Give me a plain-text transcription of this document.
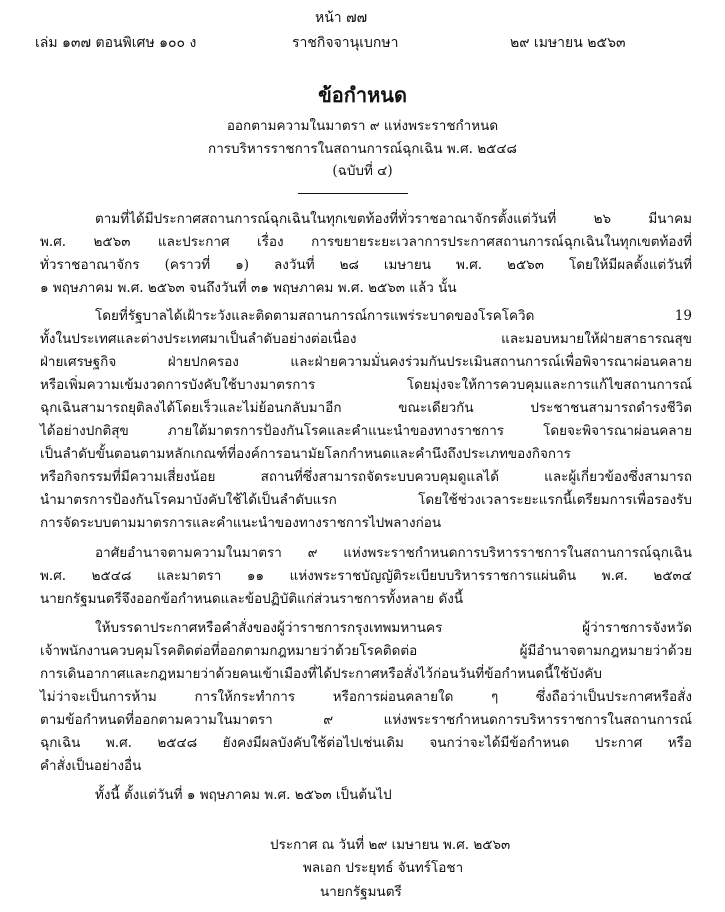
หน้า ๗๗
เล่ม ๑๓๗ ตอนพิเศษ ๑๐๐ ง	ราชกิจจานุเบกษา	๒๙ เมษายน ๒๕๖๓
ข้อกำหนด
ออกตามความในมาตรา ๙ แห่งพระราชกำหนด
การบริหารราชการในสถานการณ์ฉุกเฉิน พ.ศ. ๒๕๔๘
(ฉบับที่ ๔)
ตามที่ได้มีประกาศสถานการณ์ฉุกเฉินในทุกเขตท้องที่ทั่วราชอาณาจักรตั้งแต่วันที่ ๒๖ มีนาคม
พ.ศ. ๒๕๖๓ และประกาศ เรื่อง การขยายระยะเวลาการประกาศสถานการณ์ฉุกเฉินในทุกเขตท้องที่
ทั่วราชอาณาจักร (คราวที่ ๑) ลงวันที่ ๒๘ เมษายน พ.ศ. ๒๕๖๓ โดยให้มีผลตั้งแต่วันที่
๑ พฤษภาคม พ.ศ. ๒๕๖๓ จนถึงวันที่ ๓๑ พฤษภาคม พ.ศ. ๒๕๖๓ แล้ว นั้น
โดยที่รัฐบาลได้เฝ้าระวังและติดตามสถานการณ์การแพร่ระบาดของโรคโควิด 19
ทั้งในประเทศและต่างประเทศมาเป็นลำดับอย่างต่อเนื่อง และมอบหมายให้ฝ่ายสาธารณสุข
ฝ่ายเศรษฐกิจ ฝ่ายปกครอง และฝ่ายความมั่นคงร่วมกันประเมินสถานการณ์เพื่อพิจารณาผ่อนคลาย
หรือเพิ่มความเข้มงวดการบังคับใช้บางมาตรการ โดยมุ่งจะให้การควบคุมและการแก้ไขสถานการณ์
ฉุกเฉินสามารถยุติลงได้โดยเร็วและไม่ย้อนกลับมาอีก ขณะเดียวกัน ประชาชนสามารถดำรงชีวิต
ได้อย่างปกติสุข ภายใต้มาตรการป้องกันโรคและคำแนะนำของทางราชการ โดยจะพิจารณาผ่อนคลาย
เป็นลำดับขั้นตอนตามหลักเกณฑ์ที่องค์การอนามัยโลกกำหนดและคำนึงถึงประเภทของกิจการ
หรือกิจกรรมที่มีความเสี่ยงน้อย สถานที่ซึ่งสามารถจัดระบบควบคุมดูแลได้ และผู้เกี่ยวข้องซึ่งสามารถ
นำมาตรการป้องกันโรคมาบังคับใช้ได้เป็นลำดับแรก โดยใช้ช่วงเวลาระยะแรกนี้เตรียมการเพื่อรองรับ
การจัดระบบตามมาตรการและคำแนะนำของทางราชการไปพลางก่อน
อาศัยอำนาจตามความในมาตรา ๙ แห่งพระราชกำหนดการบริหารราชการในสถานการณ์ฉุกเฉิน
พ.ศ. ๒๕๔๘ และมาตรา ๑๑ แห่งพระราชบัญญัติระเบียบบริหารราชการแผ่นดิน พ.ศ. ๒๕๓๔
นายกรัฐมนตรีจึงออกข้อกำหนดและข้อปฏิบัติแก่ส่วนราชการทั้งหลาย ดังนี้
ให้บรรดาประกาศหรือคำสั่งของผู้ว่าราชการกรุงเทพมหานคร ผู้ว่าราชการจังหวัด
เจ้าพนักงานควบคุมโรคติดต่อที่ออกตามกฎหมายว่าด้วยโรคติดต่อ ผู้มีอำนาจตามกฎหมายว่าด้วย
การเดินอากาศและกฎหมายว่าด้วยคนเข้าเมืองที่ได้ประกาศหรือสั่งไว้ก่อนวันที่ข้อกำหนดนี้ใช้บังคับ
ไม่ว่าจะเป็นการห้าม การให้กระทำการ หรือการผ่อนคลายใด ๆ ซึ่งถือว่าเป็นประกาศหรือสั่ง
ตามข้อกำหนดที่ออกตามความในมาตรา ๙ แห่งพระราชกำหนดการบริหารราชการในสถานการณ์
ฉุกเฉิน พ.ศ. ๒๕๔๘ ยังคงมีผลบังคับใช้ต่อไปเช่นเดิม จนกว่าจะได้มีข้อกำหนด ประกาศ หรือ
คำสั่งเป็นอย่างอื่น
ทั้งนี้ ตั้งแต่วันที่ ๑ พฤษภาคม พ.ศ. ๒๕๖๓ เป็นต้นไป
ประกาศ ณ วันที่ ๒๙ เมษายน พ.ศ. ๒๕๖๓
พลเอก ประยุทธ์ จันทร์โอชา
นายกรัฐมนตรี
